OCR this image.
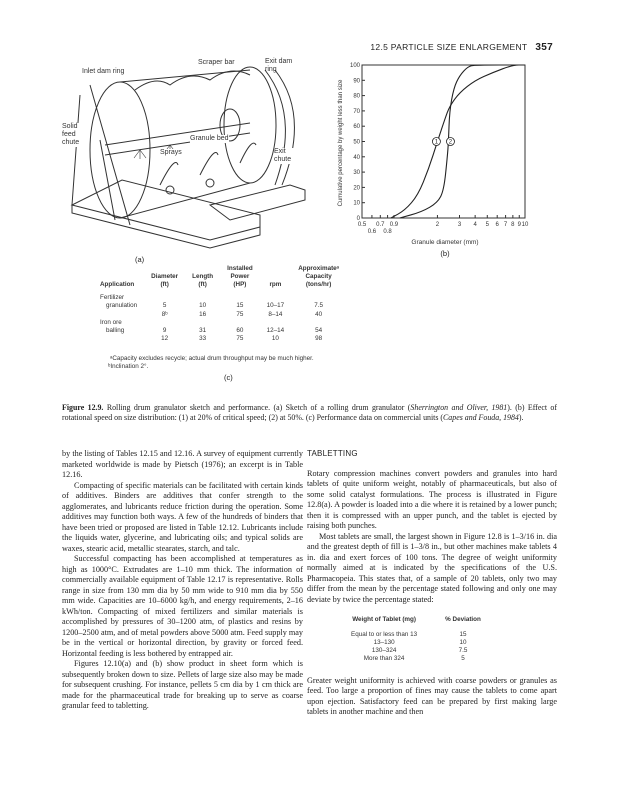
12.5 PARTICLE SIZE ENLARGEMENT 357
Inlet dam ring
Scraper bar	Exit dam ring
Solid feed chute
Granule bed
Sprays	Exit chute
(a)
0
10
20
30
40
50
60
70
80
90
100
0.5 0.7 0.9	2	3 4 5 6 7 8 9 10
0.6 0.8
1 2
Granule diameter (mm)
Cumulative percentage by weight less than size
(b)
			Installed		Approximateᵃ
	Diameter	Length	Power		Capacity
Application	(ft)	(ft)	(HP)	rpm	(tons/hr)
Fertilizer					
granulation	5	10	15	10–17	7.5
	8ᵇ	16	75	8–14	40
Iron ore					
balling	9	31	60	12–14	54
	12	33	75	10	98
ᵃCapacity excludes recycle; actual drum throughput may be much higher.
ᵇInclination 2°.
(c)
Figure 12.9. Rolling drum granulator sketch and performance. (a) Sketch of a rolling drum granulator (Sherrington and Oliver, 1981). (b) Effect of rotational speed on size distribution: (1) at 20% of critical speed; (2) at 50%. (c) Performance data on commercial units (Capes and Fouda, 1984).

by the listing of Tables 12.15 and 12.16. A survey of equipment currently marketed worldwide is made by Pietsch (1976); an excerpt is in Table 12.16.

Compacting of specific materials can be facilitated with certain kinds of additives. Binders are additives that confer strength to the agglomerates, and lubricants reduce friction during the operation. Some additives may function both ways. A few of the hundreds of binders that have been tried or proposed are listed in Table 12.12. Lubricants include the liquids water, glycerine, and lubricating oils; and typical solids are waxes, stearic acid, metallic stearates, starch, and talc.

Successful compacting has been accomplished at temperatures as high as 1000°C. Extrudates are 1–10 mm thick. The information of commercially available equipment of Table 12.17 is representative. Rolls range in size from 130 mm dia by 50 mm wide to 910 mm dia by 550 mm wide. Capacities are 10–6000 kg/h, and energy requirements, 2–16 kWh/ton. Compacting of mixed fertilizers and similar materials is accomplished by pressures of 30–1200 atm, of plastics and resins by 1200–2500 atm, and of metal powders above 5000 atm. Feed supply may be in the vertical or horizontal direction, by gravity or forced feed. Horizontal feeding is less bothered by entrapped air.

Figures 12.10(a) and (b) show product in sheet form which is subsequently broken down to size. Pellets of large size also may be made for subsequent crushing. For instance, pellets 5 cm dia by 1 cm thick are made for the pharmaceutical trade for breaking up to serve as coarse granular feed to tabletting.

TABLETTING

Rotary compression machines convert powders and granules into hard tablets of quite uniform weight, notably of pharmaceuticals, but also of some solid catalyst formulations. The process is illustrated in Figure 12.8(a). A powder is loaded into a die where it is retained by a lower punch; then it is compressed with an upper punch, and the tablet is ejected by raising both punches.

Most tablets are small, the largest shown in Figure 12.8 is 1–3/16 in. dia and the greatest depth of fill is 1–3/8 in., but other machines make tablets 4 in. dia and exert forces of 100 tons. The degree of weight uniformity normally aimed at is indicated by the specifications of the U.S. Pharmacopeia. This states that, of a sample of 20 tablets, only two may differ from the mean by the percentage stated following and only one may deviate by twice the percentage stated:

Weight of Tablet (mg)	% Deviation
Equal to or less than 13	15
13–130	10
130–324	7.5
More than 324	5

Greater weight uniformity is achieved with coarse powders or granules as feed. Too large a proportion of fines may cause the tablets to come apart upon ejection. Satisfactory feed can be prepared by first making large tablets in another machine and then
